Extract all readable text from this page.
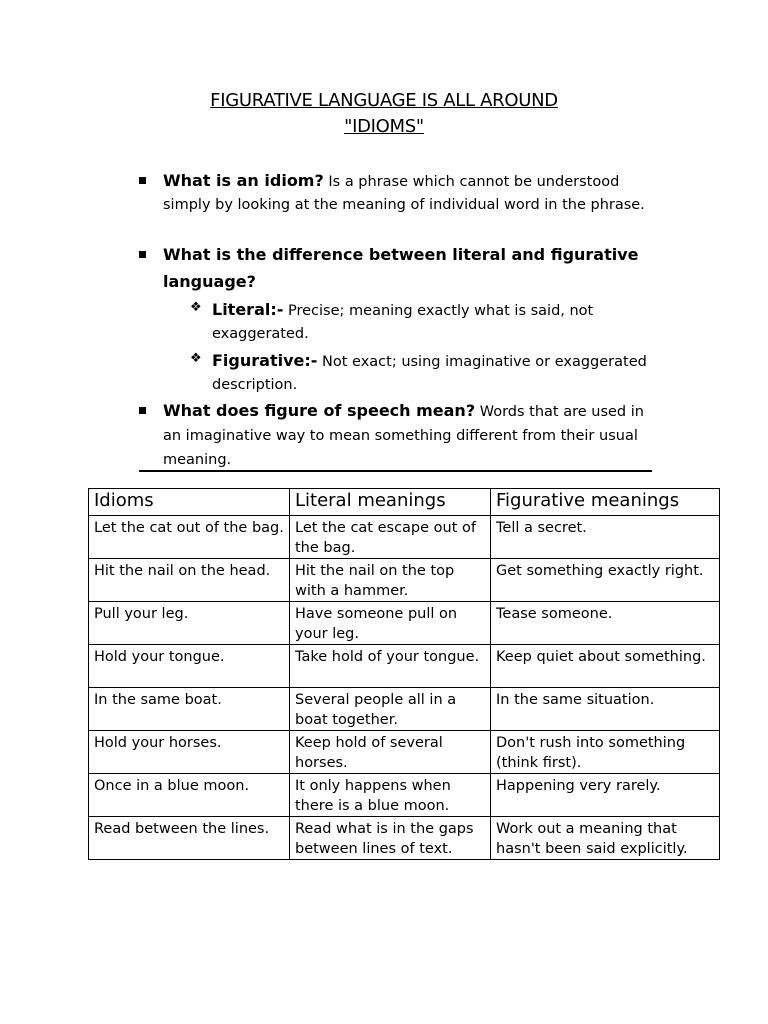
FIGURATIVE LANGUAGE IS ALL AROUND
"IDIOMS"
What is an idiom? Is a phrase which cannot be understood
simply by looking at the meaning of individual word in the phrase.
What is the difference between literal and figurative
language?
❖ Literal:- Precise; meaning exactly what is said, not
exaggerated.
❖ Figurative:- Not exact; using imaginative or exaggerated
description.
What does figure of speech mean? Words that are used in
an imaginative way to mean something different from their usual
meaning.
Idioms	Literal meanings	Figurative meanings
Let the cat out of the bag.	Let the cat escape out of the bag.	Tell a secret.
Hit the nail on the head.	Hit the nail on the top with a hammer.	Get something exactly right.
Pull your leg.	Have someone pull on your leg.	Tease someone.
Hold your tongue.	Take hold of your tongue.	Keep quiet about something.
In the same boat.	Several people all in a boat together.	In the same situation.
Hold your horses.	Keep hold of several horses.	Don't rush into something (think first).
Once in a blue moon.	It only happens when there is a blue moon.	Happening very rarely.
Read between the lines.	Read what is in the gaps between lines of text.	Work out a meaning that hasn't been said explicitly.
